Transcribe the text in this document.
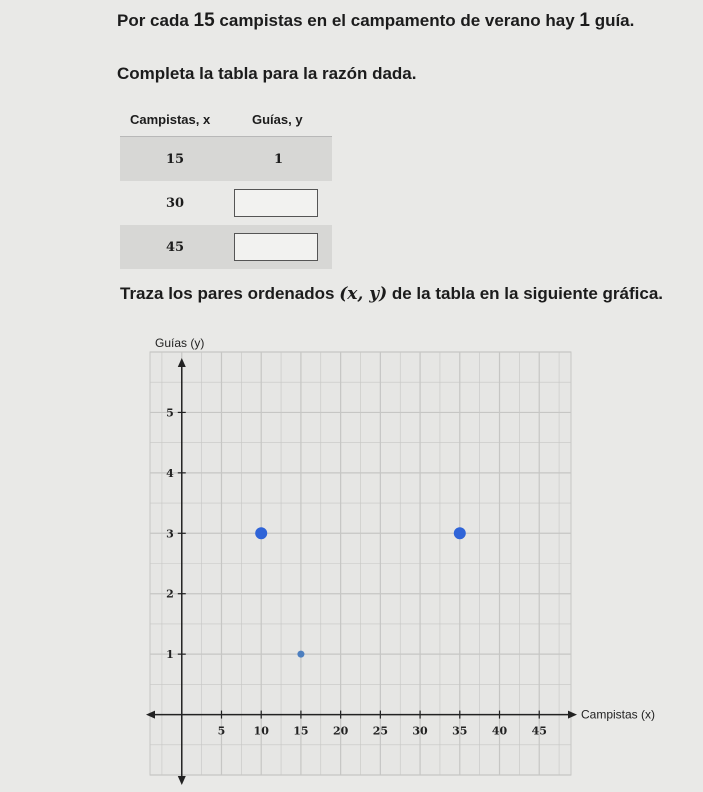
Por cada 15 campistas en el campamento de verano hay 1 guía.
Completa la tabla para la razón dada.
Campistas, x	Guías, y
15	1
30
45
Traza los pares ordenados (x, y) de la tabla en la siguiente gráfica.
5	10 15 20 25 30 35 40 45
1
2
3
4
5
Guías (y)
Campistas (x)
